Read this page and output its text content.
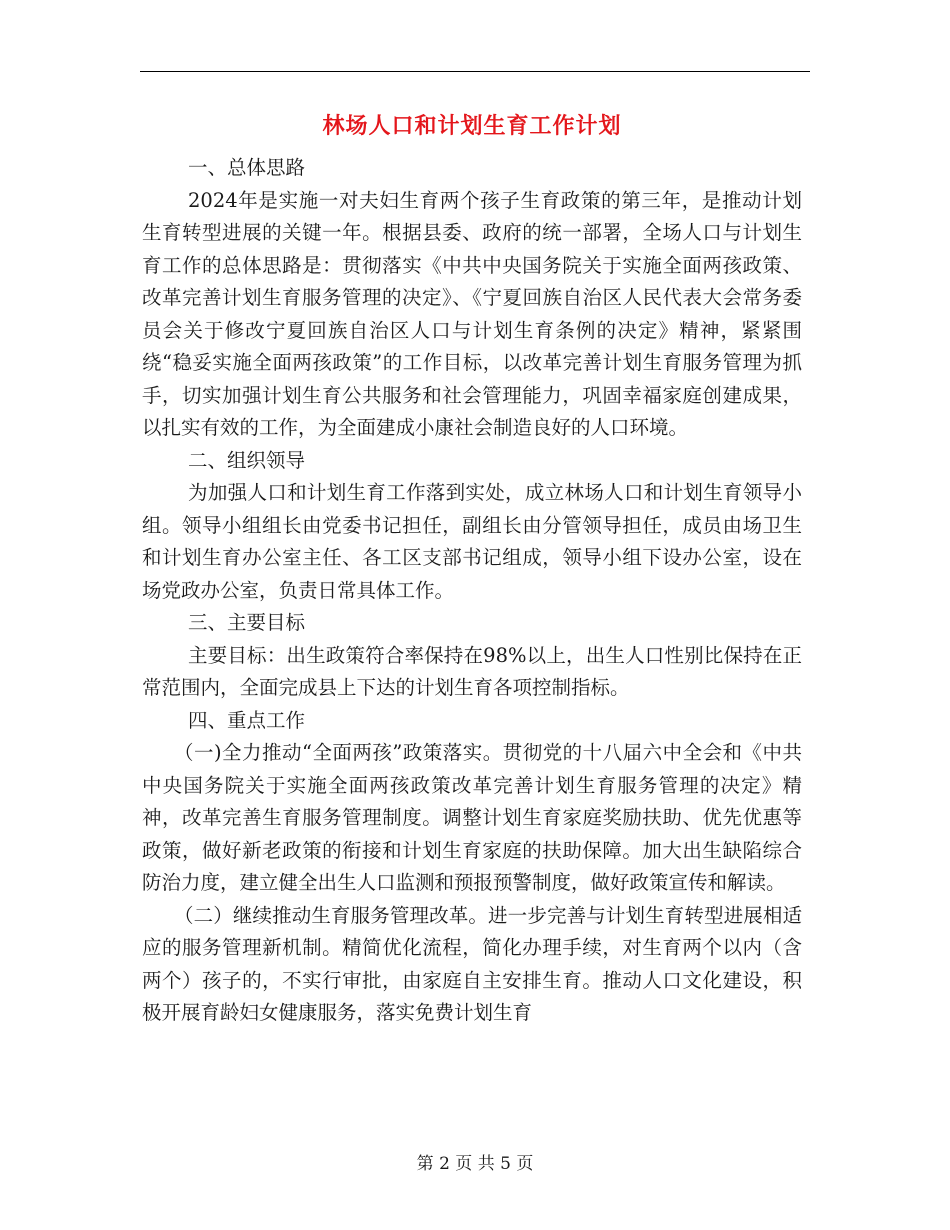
林场人口和计划生育工作计划

一、总体思路

2024年是实施一对夫妇生育两个孩子生育政策的第三年，是推动计划生育转型进展的关键一年。根据县委、政府的统一部署，全场人口与计划生育工作的总体思路是：贯彻落实《中共中央国务院关于实施全面两孩政策、改革完善计划生育服务管理的决定》、《宁夏回族自治区人民代表大会常务委员会关于修改宁夏回族自治区人口与计划生育条例的决定》精神，紧紧围绕“稳妥实施全面两孩政策”的工作目标，以改革完善计划生育服务管理为抓手，切实加强计划生育公共服务和社会管理能力，巩固幸福家庭创建成果，以扎实有效的工作，为全面建成小康社会制造良好的人口环境。

二、组织领导

为加强人口和计划生育工作落到实处，成立林场人口和计划生育领导小组。领导小组组长由党委书记担任，副组长由分管领导担任，成员由场卫生和计划生育办公室主任、各工区支部书记组成，领导小组下设办公室，设在场党政办公室，负责日常具体工作。

三、主要目标

主要目标：出生政策符合率保持在98%以上，出生人口性别比保持在正常范围内，全面完成县上下达的计划生育各项控制指标。

四、重点工作

（一)全力推动“全面两孩”政策落实。贯彻党的十八届六中全会和《中共中央国务院关于实施全面两孩政策改革完善计划生育服务管理的决定》精神，改革完善生育服务管理制度。调整计划生育家庭奖励扶助、优先优惠等政策，做好新老政策的衔接和计划生育家庭的扶助保障。加大出生缺陷综合防治力度，建立健全出生人口监测和预报预警制度，做好政策宣传和解读。

（二）继续推动生育服务管理改革。进一步完善与计划生育转型进展相适应的服务管理新机制。精简优化流程，简化办理手续，对生育两个以内（含两个）孩子的，不实行审批，由家庭自主安排生育。推动人口文化建设，积极开展育龄妇女健康服务，落实免费计划生育

第 2 页 共 5 页
